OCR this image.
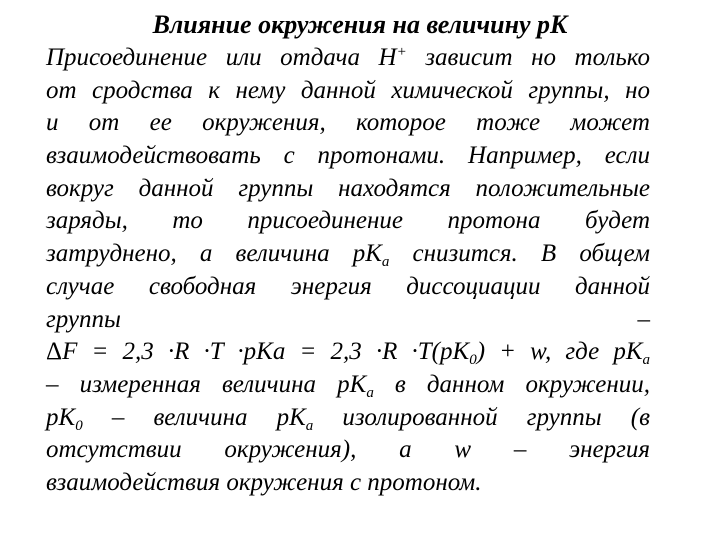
Влияние окружения на величину pK
Присоединение или отдача H+ зависит но только
от сродства к нему данной химической группы, но
и от ее окружения, которое тоже может
взаимодействовать с протонами. Например, если
вокруг данной группы находятся положительные
заряды, то присоединение протона будет
затруднено, а величина $pK_a$ снизится. В общем
случае свободная энергия диссоциации данной
группы	–
$\Delta F = 2,3 \cdot R \cdot T \cdot pKa = 2,3 \cdot R \cdot T(pK_0) + w$, где $pK_a$
– измеренная величина $pK_a$ в данном окружении,
$pK_0$ – величина $pK_a$ изолированной группы (в
отсутствии окружения), а w – энергия
взаимодействия окружения с протоном.
